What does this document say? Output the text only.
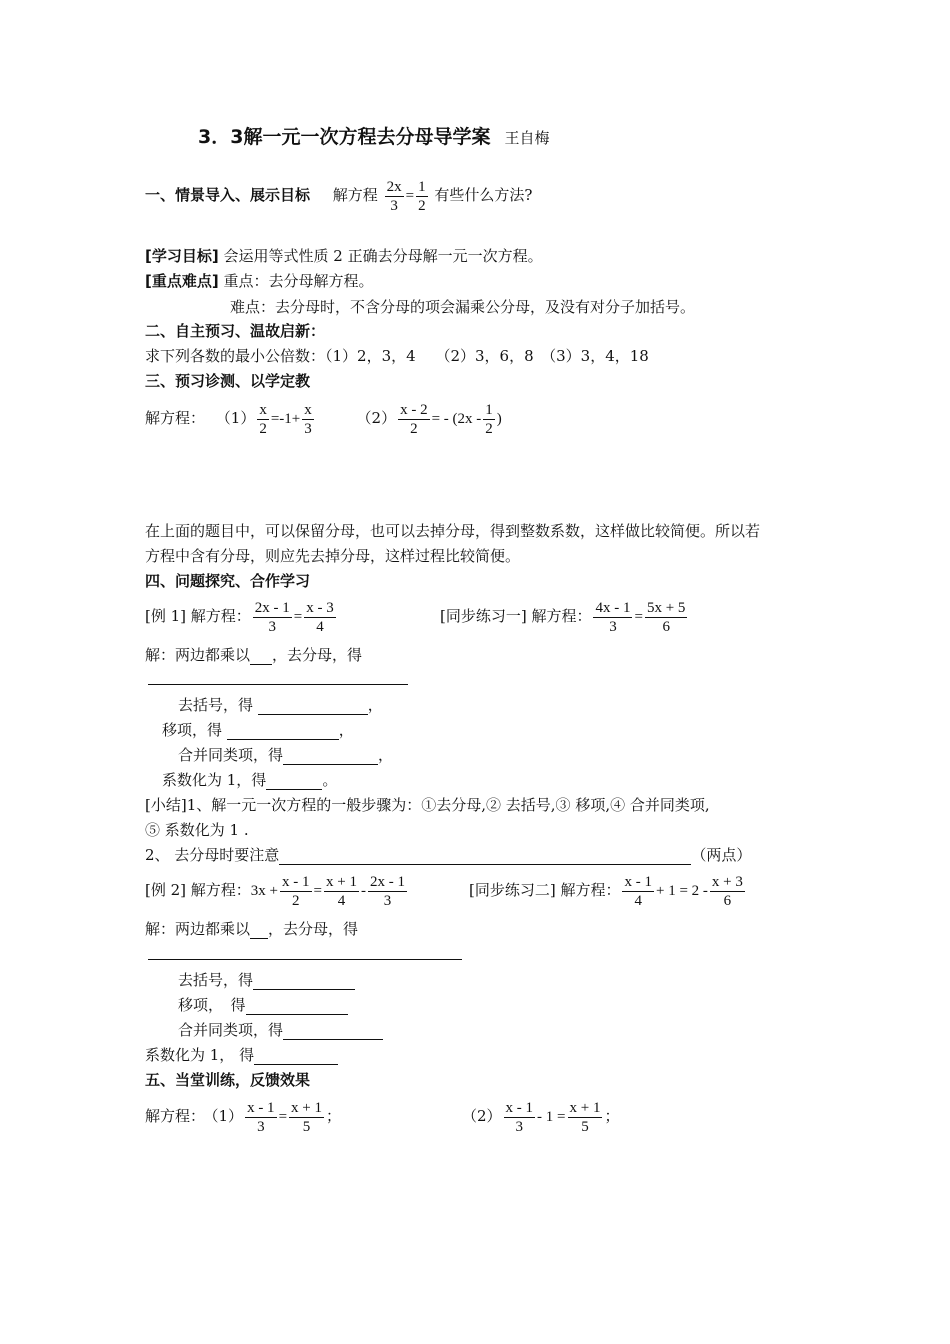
3．3解一元一次方程去分母导学案 王自梅
一、情景导入、展示目标 解方程 $\frac{2x}{3} = \frac{1}{2}$ 有些什么方法?
[学习目标] 会运用等式性质 2 正确去分母解一元一次方程。
[重点难点] 重点：去分母解方程。
难点：去分母时，不含分母的项会漏乘公分母，及没有对分子加括号。
二、自主预习、温故启新：
求下列各数的最小公倍数：（1）2，3，4　 （2）3，6，8　（3）3，4，18
三、预习诊测、以学定教
解方程： $(1) \frac{x}{2} =-1+ \frac{x}{3}$	$(2) \frac{x - 2}{2}$ = - ($2x - \frac{1}{2}$ )
在上面的题目中，可以保留分母，也可以去掉分母，得到整数系数，这样做比较简便。所以若
方程中含有分母，则应先去掉分母，这样过程比较简便。
四、问题探究、合作学习
[例 1] 解方程： $\frac{2x - 1}{3} = \frac{x - 3}{4}$	[同步练习一] 解方程： $\frac{4x - 1}{3} = \frac{5x + 5}{6}$
解：两边都乘以 ，去分母，得
去括号，得	，
移项，得	，
合并同类项，得	，
系数化为 1，得	。
[小结]1、解一元一次方程的一般步骤为：①去分母,② 去括号,③ 移项,④ 合并同类项,
⑤ 系数化为 1 .
2、 去分母时要注意	（两点）
[例 2] 解方程：$3x + \frac{x - 1}{2} = \frac{x + 1}{4} - \frac{2x - 1}{3}$	[同步练习二] 解方程： $\frac{x - 1}{4} + 1 = 2 - \frac{x + 3}{6}$
解：两边都乘以 ，去分母，得
去括号，得
移项，　得
合并同类项，得
系数化为 1， 得
五、当堂训练，反馈效果
解方程： $(1) \frac{x - 1}{3} = \frac{x + 1}{5}$ ；	$(2) \frac{x - 1}{3} - 1 = \frac{x + 1}{5}$ ；
